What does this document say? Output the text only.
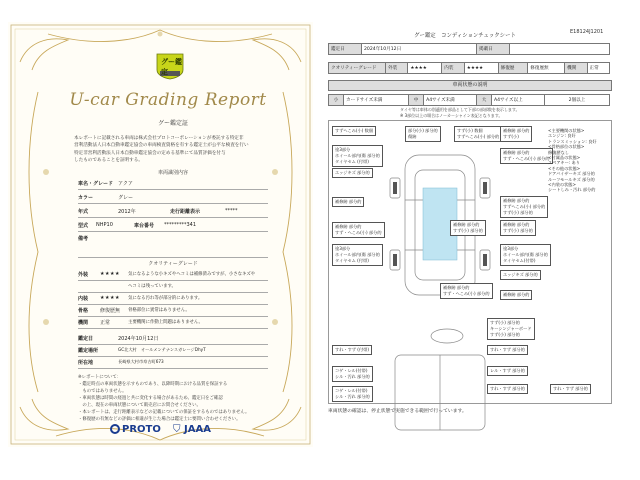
グー鑑定
U-car Grading Report
グー鑑定証
本レポートに記載される車両は株式会社プロトコーポレーションが委託する特定非
営利活動法人日本自動車鑑定協会の車両検査資格を有する鑑定士が公平な検査を行い
特定非営利活動法人日本自動車鑑定協会の定める基準にて品質評価を付与
したものであることを証明する。
車両識別内容
車名・グレード アクア
カラー	グレー
年式	2012年	走行距離表示	*****
型式	NHP10	車台番号	*********341
備考
クオリティーグレード
外装	★★★★	気になるような小キズやヘコミは補修済みですが、小さなキズや
ヘコミは残っています。
内装	★★★★	気になる汚れ等が部分的にあります。
骨格	修復歴無	骨格部位に異常はありません。
機関	正常	主要機関に作動上問題はありません。
鑑定日	2024年10月12日
鑑定場所	GC北大村　オールメンテナンスガレージDhyT
所在地	長崎県大村市寿古町673
※レポートについて：
・鑑定時点の車両状態を示すものであり、以降時期における品質を保証する
　ものではありません。
・車両状態は時間の経過と共に変化する場合があるため、鑑定日をご確認
　の上、現在の車両状態について販売店にお問合せください。
・本レポートは、走行距離表示などの記載についての保証をするものではありません。
・修復歴の有無などの評価に相違が生じた場合は鑑定士に要問い合わせください。
PROTO ⛉ JAAA
E18124J1201
グー鑑定　コンディションチェックシート
鑑定日	2024年10月12日	掲載日	
クオリティーグレード	外装	★★★★	内装	★★★★	修復歴	修復歴無	機関	正常
車両状態の説明
小	カードサイズ未満	中	A4サイズ未満	大	A4サイズ以上	2個以上
タイヤ等は車体の別適用を部品として下部の部部数を表示します。
※ 3部位以上の場合はノーカーシャイン表記となります。
すずへこみ(小) 数個
塗3部分
ホイール部内(傷 部分的
タイヤセム (付帯)
エッジキズ 部分的
補修跡 部分的
補修跡 部分的
すず・へこみ(小) 部分的
塗3部分
ホイール部内(傷 部分的
タイヤセム (付帯)
部分(小) 部分的
傷跡
すず(小) 数個
すずへこみ(小) 部分的
補修跡 部分的
すず(小)
補修跡 部分的
すず・へこみ(小) 部分的
補修跡 部分的
すずへこみ(小) 部分的
すず(小) 部分的
補修跡 部分的
すず(小) 部分的
補修跡 部分的
すず(小) 部分的
塗3部分
ホイール部内(傷 部分的
タイヤセム(付帯)
エッジキズ 部分的
補修跡 部分的
補修跡 部分的
すず・へこみ(小) 部分的
すず(小) 部分的
キーシンジャーボード
すず(小) 部分的
すれ・すず 部分的
レル・すず 部分的
すれ・すず 部分的	すれ・すず 部分的
すれ・すず (付帯)
コゲ・レル(付帯)
シル・汚れ 部分的
コゲ・レル(付帯)
シル・汚れ 部分的
<主要機関の状態>
エンジン: 良好
トランスミッション: 良好
<骨格部位の状態>
修復歴なし
<付属品の状態>
スペアキー: あり
<その他の状態>
ドアバイザーキズ 部分的
ルーフモールキズ 部分的
<内装の状態>
シートしみ・汚れ 部分的
車両状態の確認は、停止状態で実施できる範囲で行っています。
